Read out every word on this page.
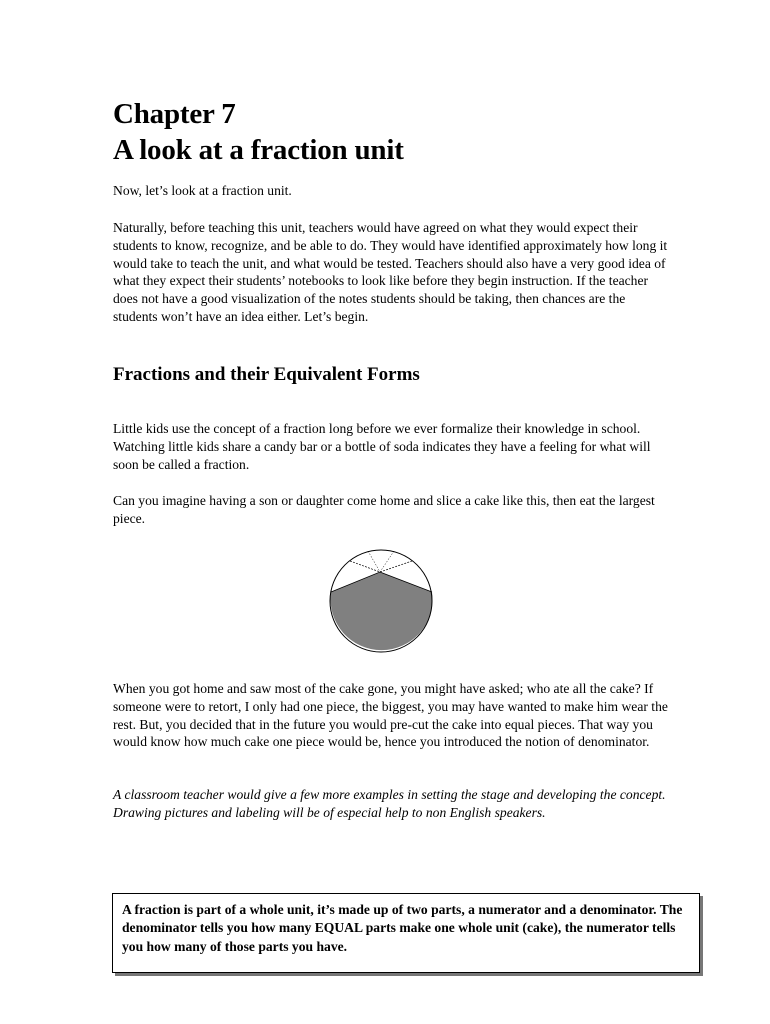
Chapter 7
A look at a fraction unit

Now, let’s look at a fraction unit.

Naturally, before teaching this unit, teachers would have agreed on what they would expect their students to know, recognize, and be able to do. They would have identified approximately how long it would take to teach the unit, and what would be tested. Teachers should also have a very good idea of what they expect their students’ notebooks to look like before they begin instruction. If the teacher does not have a good visualization of the notes students should be taking, then chances are the students won’t have an idea either. Let’s begin.

Fractions and their Equivalent Forms

Little kids use the concept of a fraction long before we ever formalize their knowledge in school. Watching little kids share a candy bar or a bottle of soda indicates they have a feeling for what will soon be called a fraction.

Can you imagine having a son or daughter come home and slice a cake like this, then eat the largest piece.

When you got home and saw most of the cake gone, you might have asked; who ate all the cake? If someone were to retort, I only had one piece, the biggest, you may have wanted to make him wear the rest. But, you decided that in the future you would pre-cut the cake into equal pieces. That way you would know how much cake one piece would be, hence you introduced the notion of denominator.

A classroom teacher would give a few more examples in setting the stage and developing the concept. Drawing pictures and labeling will be of especial help to non English speakers.

A fraction is part of a whole unit, it’s made up of two parts, a numerator and a denominator. The denominator tells you how many EQUAL parts make one whole unit (cake), the numerator tells you how many of those parts you have.
